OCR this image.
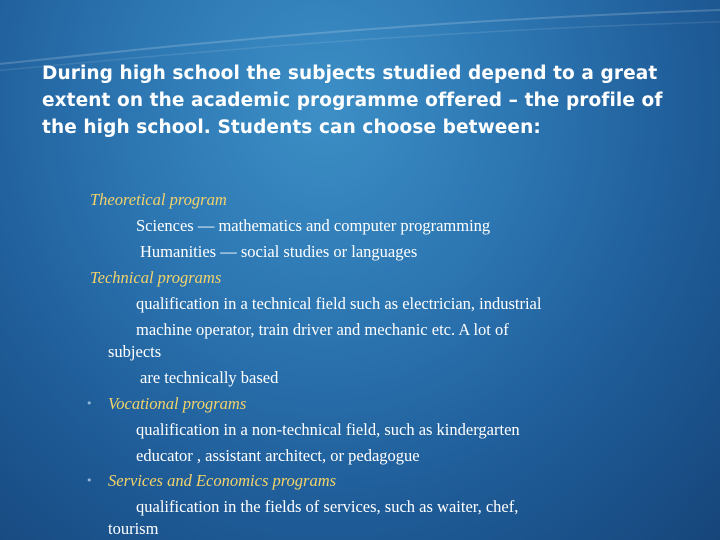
During high school the subjects studied depend to a great
extent on the academic programme offered – the profile of
the high school. Students can choose between:
Theoretical program
Sciences — mathematics and computer programming
Humanities — social studies or languages
Technical programs
qualification in a technical field such as electrician, industrial
machine operator, train driver and mechanic etc. A lot of
subjects
are technically based
• Vocational programs
qualification in a non-technical field, such as kindergarten
educator , assistant architect, or pedagogue
• Services and Economics programs
qualification in the fields of services, such as waiter, chef,
tourism
